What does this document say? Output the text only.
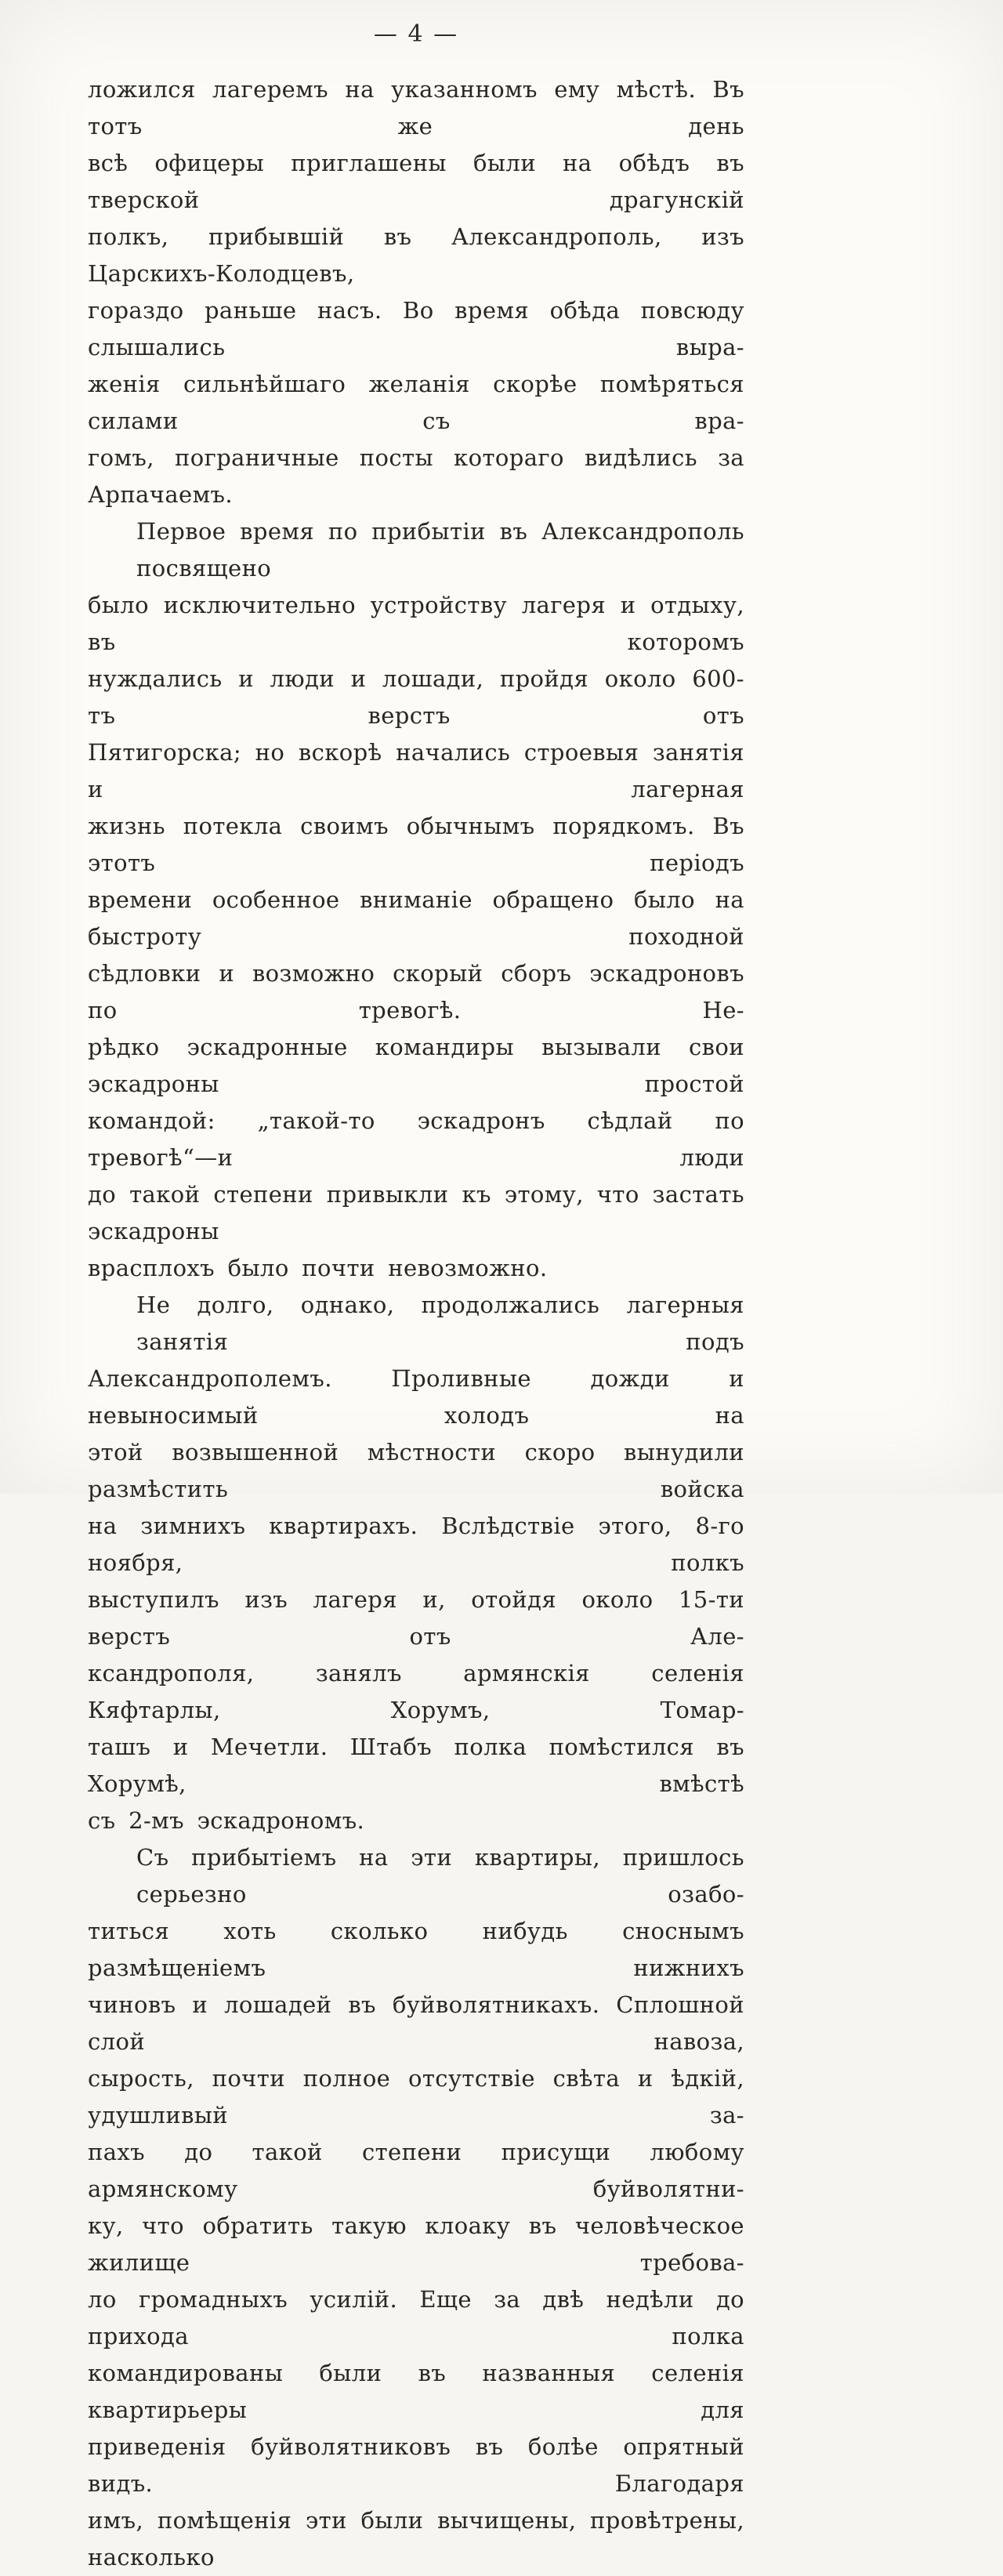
— 4 —
ложился лагеремъ на указанномъ ему мѣстѣ. Въ тотъ же день
всѣ офицеры приглашены были на обѣдъ въ тверской драгунскій
полкъ, прибывшій въ Александрополь, изъ Царскихъ-Колодцевъ,
гораздо раньше насъ. Во время обѣда повсюду слышались выра-
женія сильнѣйшаго желанія скорѣе помѣряться силами съ вра-
гомъ, пограничные посты котораго видѣлись за Арпачаемъ.
Первое время по прибытіи въ Александрополь посвящено
было исключительно устройству лагеря и отдыху, въ которомъ
нуждались и люди и лошади, пройдя около 600-тъ верстъ отъ
Пятигорска; но вскорѣ начались строевыя занятія и лагерная
жизнь потекла своимъ обычнымъ порядкомъ. Въ этотъ періодъ
времени особенное вниманіе обращено было на быстроту походной
сѣдловки и возможно скорый сборъ эскадроновъ по тревогѣ. Не-
рѣдко эскадронные командиры вызывали свои эскадроны простой
командой: „такой-то эскадронъ сѣдлай по тревогѣ“—и люди
до такой степени привыкли къ этому, что застать эскадроны
врасплохъ было почти невозможно.
Не долго, однако, продолжались лагерныя занятія подъ
Александрополемъ. Проливные дожди и невыносимый холодъ на
этой возвышенной мѣстности скоро вынудили размѣстить войска
на зимнихъ квартирахъ. Вслѣдствіе этого, 8-го ноября, полкъ
выступилъ изъ лагеря и, отойдя около 15-ти верстъ отъ Але-
ксандрополя, занялъ армянскія селенія Кяфтарлы, Хорумъ, Томар-
ташъ и Мечетли. Штабъ полка помѣстился въ Хорумѣ, вмѣстѣ
съ 2-мъ эскадрономъ.
Съ прибытіемъ на эти квартиры, пришлось серьезно озабо-
титься хоть сколько нибудь сноснымъ размѣщеніемъ нижнихъ
чиновъ и лошадей въ буйволятникахъ. Сплошной слой навоза,
сырость, почти полное отсутствіе свѣта и ѣдкій, удушливый за-
пахъ до такой степени присущи любому армянскому буйволятни-
ку, что обратить такую клоаку въ человѣческое жилище требова-
ло громадныхъ усилій. Еще за двѣ недѣли до прихода полка
командированы были въ названныя селенія квартирьеры для
приведенія буйволятниковъ въ болѣе опрятный видъ. Благодаря
имъ, помѣщенія эти были вычищены, провѣтрены, насколько
